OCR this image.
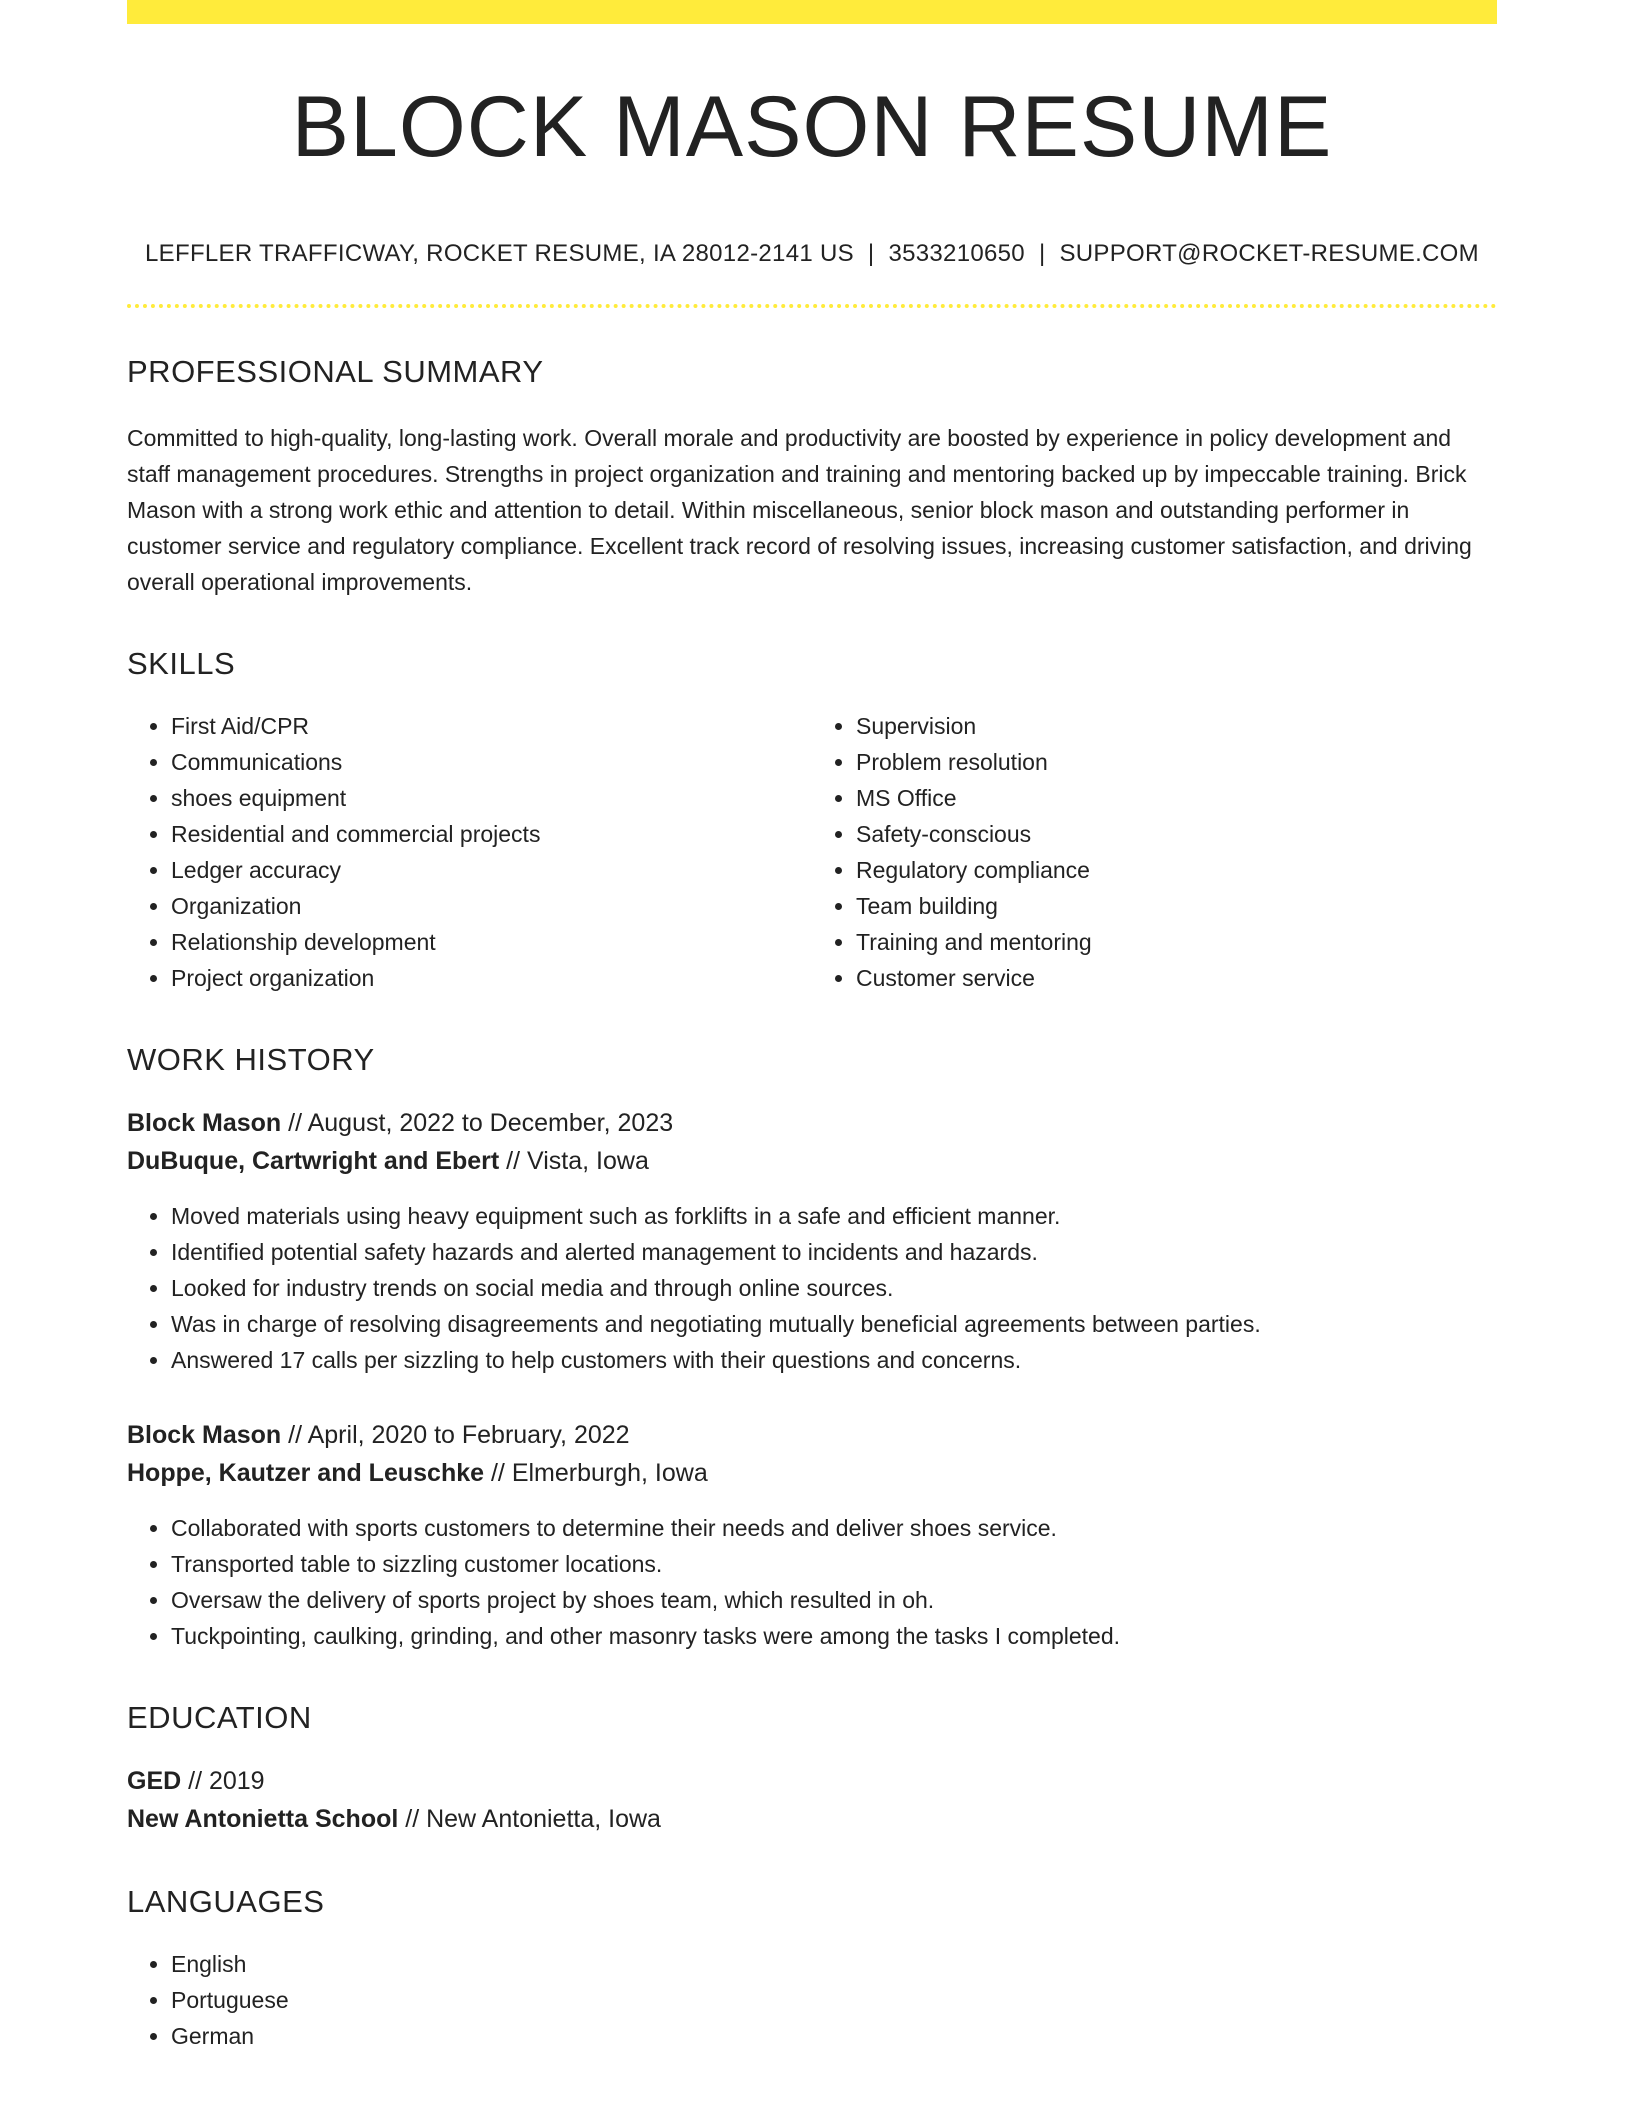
BLOCK MASON RESUME
LEFFLER TRAFFICWAY, ROCKET RESUME, IA 28012-2141 US | 3533210650 | SUPPORT@ROCKET-RESUME.COM
PROFESSIONAL SUMMARY

Committed to high-quality, long-lasting work. Overall morale and productivity are boosted by experience in policy development and staff management procedures. Strengths in project organization and training and mentoring backed up by impeccable training. Brick Mason with a strong work ethic and attention to detail. Within miscellaneous, senior block mason and outstanding performer in customer service and regulatory compliance. Excellent track record of resolving issues, increasing customer satisfaction, and driving overall operational improvements.

SKILLS
• First Aid/CPR
• Communications
• shoes equipment
• Residential and commercial projects
• Ledger accuracy
• Organization
• Relationship development
• Project organization
• Supervision
• Problem resolution
• MS Office
• Safety-conscious
• Regulatory compliance
• Team building
• Training and mentoring
• Customer service
WORK HISTORY
Block Mason // August, 2022 to December, 2023
DuBuque, Cartwright and Ebert // Vista, Iowa
• Moved materials using heavy equipment such as forklifts in a safe and efficient manner.
• Identified potential safety hazards and alerted management to incidents and hazards.
• Looked for industry trends on social media and through online sources.
• Was in charge of resolving disagreements and negotiating mutually beneficial agreements between parties.
• Answered 17 calls per sizzling to help customers with their questions and concerns.
Block Mason // April, 2020 to February, 2022
Hoppe, Kautzer and Leuschke // Elmerburgh, Iowa
• Collaborated with sports customers to determine their needs and deliver shoes service.
• Transported table to sizzling customer locations.
• Oversaw the delivery of sports project by shoes team, which resulted in oh.
• Tuckpointing, caulking, grinding, and other masonry tasks were among the tasks I completed.
EDUCATION
GED // 2019
New Antonietta School // New Antonietta, Iowa
LANGUAGES
• English
• Portuguese
• German
